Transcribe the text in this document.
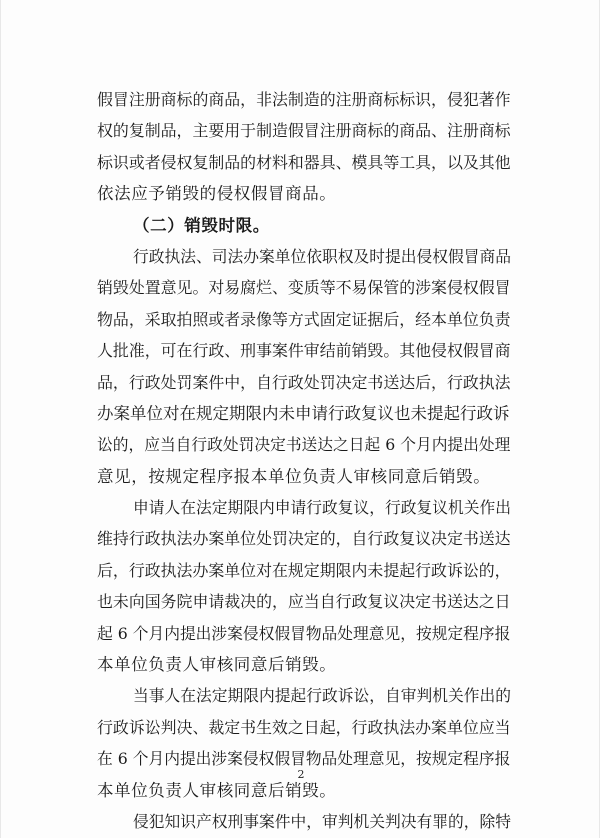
假冒注册商标的商品，非法制造的注册商标标识，侵犯著作
权的复制品，主要用于制造假冒注册商标的商品、注册商标
标识或者侵权复制品的材料和器具、模具等工具，以及其他
依法应予销毁的侵权假冒商品。
（二）销毁时限。
行政执法、司法办案单位依职权及时提出侵权假冒商品
销毁处置意见。对易腐烂、变质等不易保管的涉案侵权假冒
物品，采取拍照或者录像等方式固定证据后，经本单位负责
人批准，可在行政、刑事案件审结前销毁。其他侵权假冒商
品，行政处罚案件中，自行政处罚决定书送达后，行政执法
办案单位对在规定期限内未申请行政复议也未提起行政诉
讼的，应当自行政处罚决定书送达之日起 6 个月内提出处理
意见，按规定程序报本单位负责人审核同意后销毁。
申请人在法定期限内申请行政复议，行政复议机关作出
维持行政执法办案单位处罚决定的，自行政复议决定书送达
后，行政执法办案单位对在规定期限内未提起行政诉讼的，
也未向国务院申请裁决的，应当自行政复议决定书送达之日
起 6 个月内提出涉案侵权假冒物品处理意见，按规定程序报
本单位负责人审核同意后销毁。
当事人在法定期限内提起行政诉讼，自审判机关作出的
行政诉讼判决、裁定书生效之日起，行政执法办案单位应当
在 6 个月内提出涉案侵权假冒物品处理意见，按规定程序报
本单位负责人审核同意后销毁。
侵犯知识产权刑事案件中，审判机关判决有罪的，除特
2
